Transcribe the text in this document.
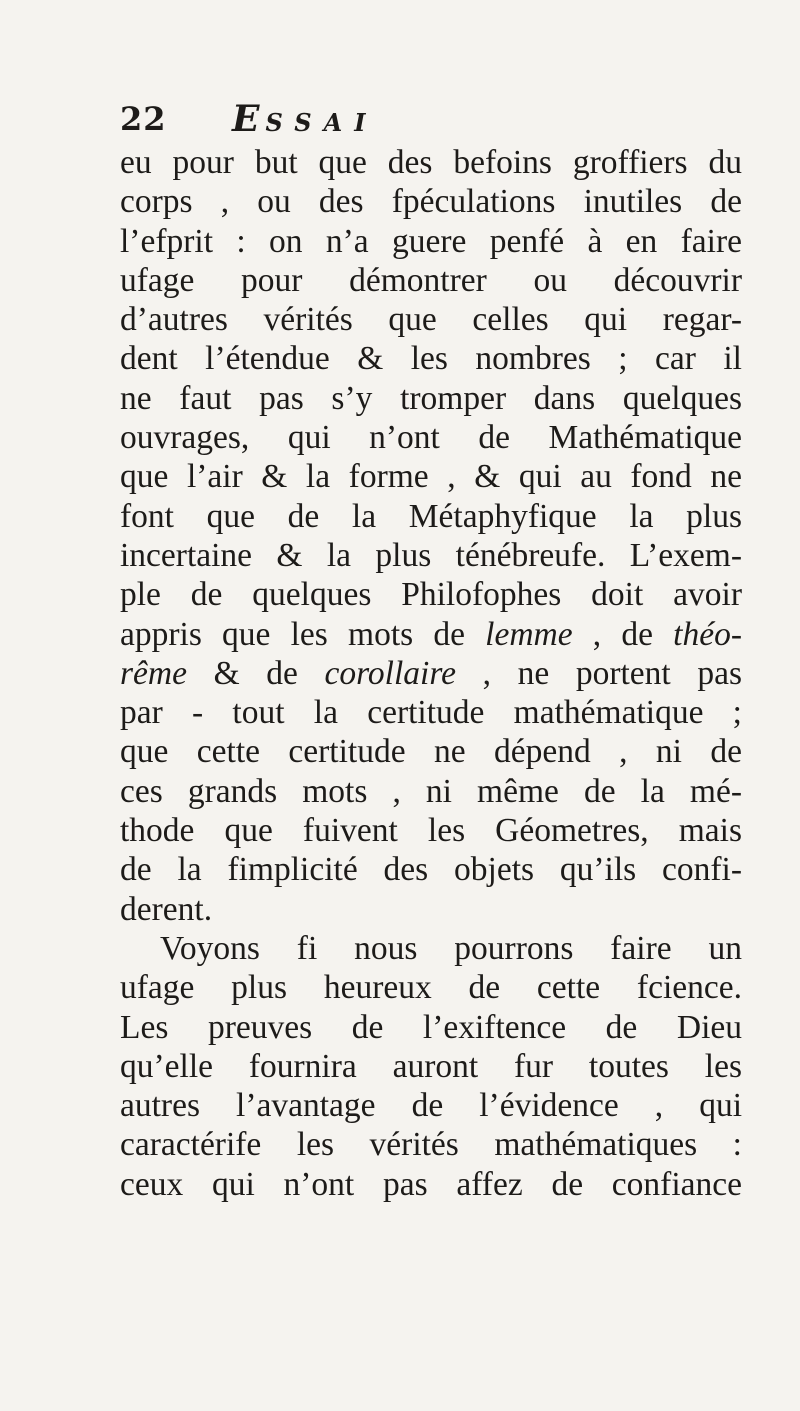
22 ESSAI
eu pour but que des befoins groffiers du
corps , ou des fpéculations inutiles de
l’efprit : on n’a guere penfé à en faire
ufage pour démontrer ou découvrir
d’autres vérités que celles qui regar-
dent l’étendue & les nombres ; car il
ne faut pas s’y tromper dans quelques
ouvrages, qui n’ont de Mathématique
que l’air & la forme , & qui au fond ne
font que de la Métaphyfique la plus
incertaine & la plus ténébreufe. L’exem-
ple de quelques Philofophes doit avoir
appris que les mots de lemme , de théo-
rême & de corollaire , ne portent pas
par - tout la certitude mathématique ;
que cette certitude ne dépend , ni de
ces grands mots , ni même de la mé-
thode que fuivent les Géometres, mais
de la fimplicité des objets qu’ils confi-
derent.
Voyons fi nous pourrons faire un
ufage plus heureux de cette fcience.
Les preuves de l’exiftence de Dieu
qu’elle fournira auront fur toutes les
autres l’avantage de l’évidence , qui
caractérife les vérités mathématiques :
ceux qui n’ont pas affez de confiance
